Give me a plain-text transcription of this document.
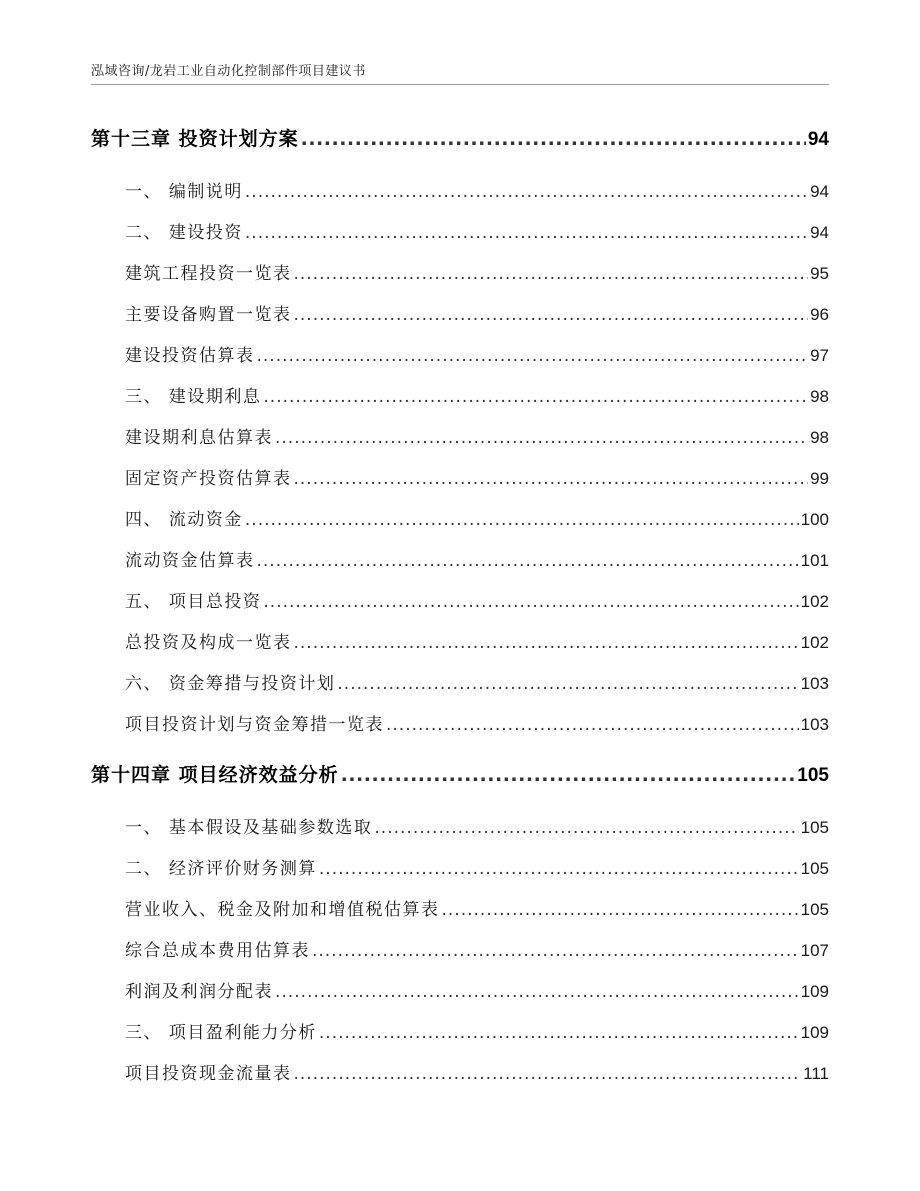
泓域咨询/龙岩工业自动化控制部件项目建议书
第十三章 投资计划方案 .....	94
一、 编制说明 .....	94
二、 建设投资 .....	94
建筑工程投资一览表 .....	95
主要设备购置一览表 .....	96
建设投资估算表 .....	97
三、 建设期利息 .....	98
建设期利息估算表 .....	98
固定资产投资估算表 .....	99
四、 流动资金 .....	100
流动资金估算表 .....	101
五、 项目总投资 .....	102
总投资及构成一览表 .....	102
六、 资金筹措与投资计划 .....	103
项目投资计划与资金筹措一览表 .....	103
第十四章 项目经济效益分析 .....	105
一、 基本假设及基础参数选取 .....	105
二、 经济评价财务测算 .....	105
营业收入、税金及附加和增值税估算表 .....	105
综合总成本费用估算表 .....	107
利润及利润分配表 .....	109
三、 项目盈利能力分析 .....	109
项目投资现金流量表 .....	111
